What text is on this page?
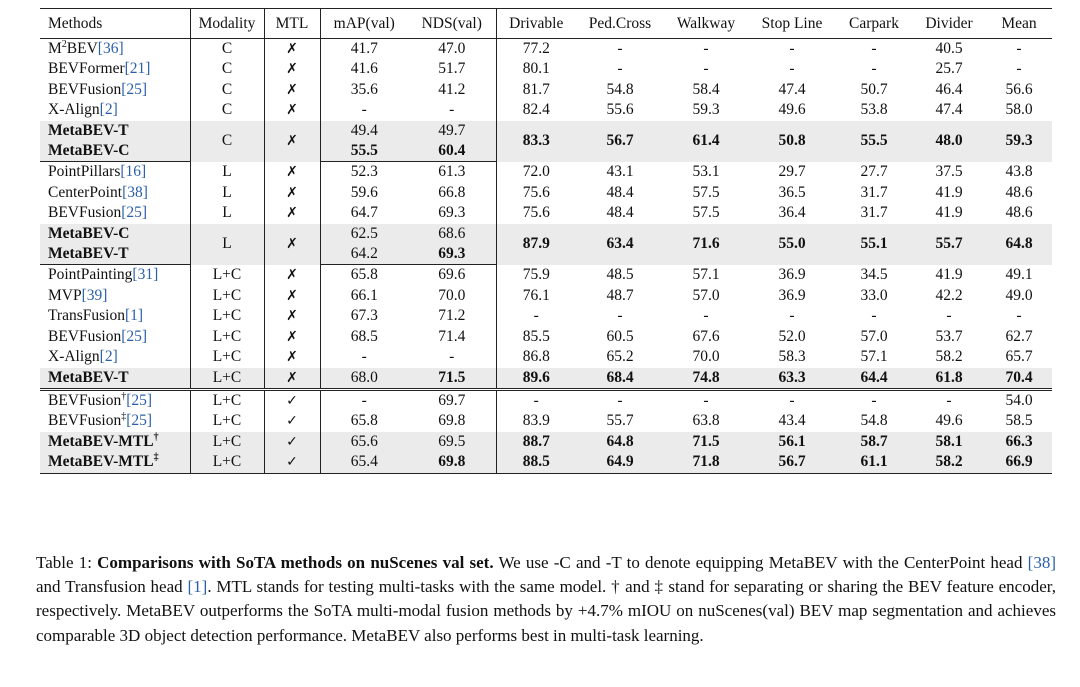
Methods	Modality	MTL	mAP(val)	NDS(val)	Drivable	Ped.Cross	Walkway	Stop Line	Carpark	Divider	Mean
$M^2BEV[36]$	C	✗	41.7	47.0	77.2	-	-	-	-	40.5	-
BEVFormer[21]	C	✗	41.6	51.7	80.1	-	-	-	-	25.7	-
BEVFusion[25]	C	✗	35.6	41.2	81.7	54.8	58.4	47.4	50.7	46.4	56.6
X-Align[2]	C	✗	-	-	82.4	55.6	59.3	49.6	53.8	47.4	58.0
MetaBEV-T	C	✗	49.4	49.7	83.3	56.7	61.4	50.8	55.5	48.0	59.3
MetaBEV-C			55.5	60.4							
PointPillars[16]	L	✗	52.3	61.3	72.0	43.1	53.1	29.7	27.7	37.5	43.8
CenterPoint[38]	L	✗	59.6	66.8	75.6	48.4	57.5	36.5	31.7	41.9	48.6
BEVFusion[25]	L	✗	64.7	69.3	75.6	48.4	57.5	36.4	31.7	41.9	48.6
MetaBEV-C	L	✗	62.5	68.6	87.9	63.4	71.6	55.0	55.1	55.7	64.8
MetaBEV-T			64.2	69.3							
PointPainting[31]	L+C	✗	65.8	69.6	75.9	48.5	57.1	36.9	34.5	41.9	49.1
MVP[39]	L+C	✗	66.1	70.0	76.1	48.7	57.0	36.9	33.0	42.2	49.0
TransFusion[1]	L+C	✗	67.3	71.2	-	-	-	-	-	-	-
BEVFusion[25]	L+C	✗	68.5	71.4	85.5	60.5	67.6	52.0	57.0	53.7	62.7
X-Align[2]	L+C	✗	-	-	86.8	65.2	70.0	58.3	57.1	58.2	65.7
MetaBEV-T	L+C	✗	68.0	71.5	89.6	68.4	74.8	63.3	64.4	61.8	70.4
BEVFusion†[25]	L+C	✓	-	69.7	-	-	-	-	-	-	54.0
BEVFusion‡[25]	L+C	✓	65.8	69.8	83.9	55.7	63.8	43.4	54.8	49.6	58.5
MetaBEV-MTL†	L+C	✓	65.6	69.5	88.7	64.8	71.5	56.1	58.7	58.1	66.3
MetaBEV-MTL‡	L+C	✓	65.4	69.8	88.5	64.9	71.8	56.7	61.1	58.2	66.9

Table 1: Comparisons with SoTA methods on nuScenes val set. We use -C and -T to denote equipping MetaBEV with the CenterPoint head [38] and Transfusion head [1]. MTL stands for testing multi-tasks with the same model. † and ‡ stand for separating or sharing the BEV feature encoder, respectively. MetaBEV outperforms the SoTA multi-modal fusion methods by +4.7% mIOU on nuScenes(val) BEV map segmentation and achieves comparable 3D object detection performance. MetaBEV also performs best in multi-task learning.
